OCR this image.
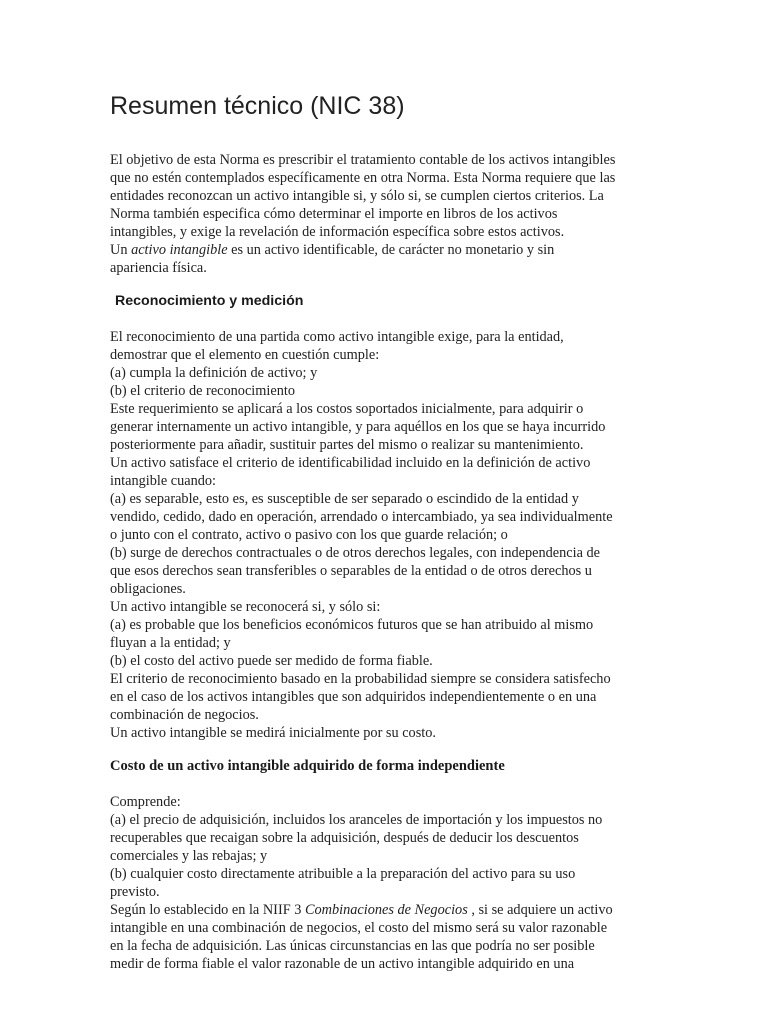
Resumen técnico (NIC 38)
El objetivo de esta Norma es prescribir el tratamiento contable de los activos intangibles
que no estén contemplados específicamente en otra Norma. Esta Norma requiere que las
entidades reconozcan un activo intangible si, y sólo si, se cumplen ciertos criterios. La
Norma también especifica cómo determinar el importe en libros de los activos
intangibles, y exige la revelación de información específica sobre estos activos.
Un activo intangible es un activo identificable, de carácter no monetario y sin
apariencia física.
Reconocimiento y medición
El reconocimiento de una partida como activo intangible exige, para la entidad,
demostrar que el elemento en cuestión cumple:
(a) cumpla la definición de activo; y
(b) el criterio de reconocimiento
Este requerimiento se aplicará a los costos soportados inicialmente, para adquirir o
generar internamente un activo intangible, y para aquéllos en los que se haya incurrido
posteriormente para añadir, sustituir partes del mismo o realizar su mantenimiento.
Un activo satisface el criterio de identificabilidad incluido en la definición de activo
intangible cuando:
(a) es separable, esto es, es susceptible de ser separado o escindido de la entidad y
vendido, cedido, dado en operación, arrendado o intercambiado, ya sea individualmente
o junto con el contrato, activo o pasivo con los que guarde relación; o
(b) surge de derechos contractuales o de otros derechos legales, con independencia de
que esos derechos sean transferibles o separables de la entidad o de otros derechos u
obligaciones.
Un activo intangible se reconocerá si, y sólo si:
(a) es probable que los beneficios económicos futuros que se han atribuido al mismo
fluyan a la entidad; y
(b) el costo del activo puede ser medido de forma fiable.
El criterio de reconocimiento basado en la probabilidad siempre se considera satisfecho
en el caso de los activos intangibles que son adquiridos independientemente o en una
combinación de negocios.
Un activo intangible se medirá inicialmente por su costo.
Costo de un activo intangible adquirido de forma independiente
Comprende:
(a) el precio de adquisición, incluidos los aranceles de importación y los impuestos no
recuperables que recaigan sobre la adquisición, después de deducir los descuentos
comerciales y las rebajas; y
(b) cualquier costo directamente atribuible a la preparación del activo para su uso
previsto.
Según lo establecido en la NIIF 3 Combinaciones de Negocios , si se adquiere un activo
intangible en una combinación de negocios, el costo del mismo será su valor razonable
en la fecha de adquisición. Las únicas circunstancias en las que podría no ser posible
medir de forma fiable el valor razonable de un activo intangible adquirido en una
